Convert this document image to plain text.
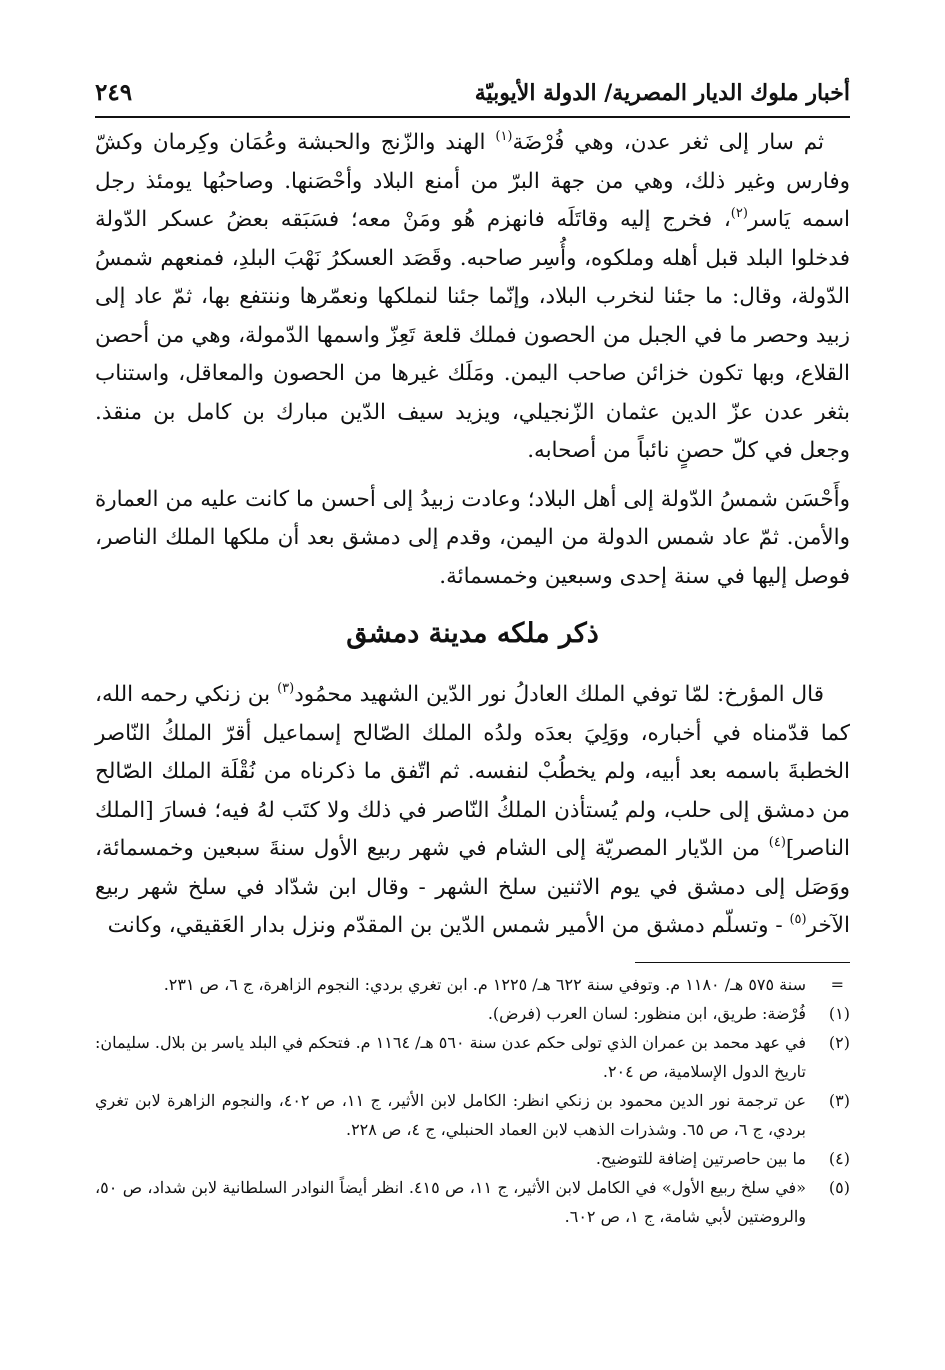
أخبار ملوك الديار المصرية/ الدولة الأيوبيّة
٢٤٩

ثم سار إلى ثغر عدن، وهي فُرْضَة$^{(١)}$ الهند والزّنج والحبشة وعُمَان وكِرمان وكشّ وفارس وغير ذلك، وهي من جهة البرّ من أمنع البلاد وأحْصَنها. وصاحبُها يومئذ رجل اسمه يَاسر$^{(٢)}$، فخرج إليه وقاتَلَه فانهزم هُو ومَنْ معه؛ فسَبَقه بعضُ عسكر الدّولة فدخلوا البلد قبل أهله وملكوه، وأُسِر صاحبه. وقَصَد العسكرُ نَهْبَ البلدِ، فمنعهم شمسُ الدّولة، وقال: ما جئنا لنخرب البلاد، وإنّما جئنا لنملكها ونعمّرها وننتفع بها، ثمّ عاد إلى زبيد وحصر ما في الجبل من الحصون فملك قلعة تَعِزّ واسمها الدّمولة، وهي من أحصن القلاع، وبها تكون خزائن صاحب اليمن. ومَلَك غيرها من الحصون والمعاقل، واستناب بثغر عدن عزّ الدين عثمان الزّنجيلي، ويزيد سيف الدّين مبارك بن كامل بن منقذ. وجعل في كلّ حصنٍ نائباً من أصحابه.

وأَحْسَن شمسُ الدّولة إلى أهل البلاد؛ وعادت زبيدُ إلى أحسن ما كانت عليه من العمارة والأمن. ثمّ عاد شمس الدولة من اليمن، وقدم إلى دمشق بعد أن ملكها الملك الناصر، فوصل إليها في سنة إحدى وسبعين وخمسمائة.

ذكر ملكه مدينة دمشق

قال المؤرخ: لمّا توفي الملك العادلُ نور الدّين الشهيد محمُود$^{(٣)}$ بن زنكي رحمه الله، كما قدّمناه في أخباره، ووَلِيَ بعدَه ولدُه الملك الصّالح إسماعيل أقرّ الملكُ النّاصر الخطبةَ باسمه بعد أبيه، ولم يخطُبْ لنفسه. ثم اتّفق ما ذكرناه من نُقْلَة الملك الصّالح من دمشق إلى حلب، ولم يُستأذن الملكُ النّاصر في ذلك ولا كتَب لهُ فيه؛ فسارَ [الملك الناصر]$^{(٤)}$ من الدّيار المصريّة إلى الشام في شهر ربيع الأول سنةَ سبعين وخمسمائة، ووَصَل إلى دمشق في يوم الاثنين سلخ الشهر - وقال ابن شدّاد في سلخ شهر ربيع الآخر$^{(٥)}$ - وتسلّم دمشق من الأمير شمس الدّين بن المقدّم ونزل بدار العَقيقي، وكانت

=
سنة ٥٧٥ هـ/ ١١٨٠ م. وتوفي سنة ٦٢٢ هـ/ ١٢٢٥ م. ابن تغري بردي: النجوم الزاهرة، ج ٦، ص ٢٣١.

(١)
فُرْضة: طريق، ابن منظور: لسان العرب (فرض).

(٢)
في عهد محمد بن عمران الذي تولى حكم عدن سنة ٥٦٠ هـ/ ١١٦٤ م. فتحكم في البلد ياسر بن بلال. سليمان: تاريخ الدول الإسلامية، ص ٢٠٤.

(٣)
عن ترجمة نور الدين محمود بن زنكي انظر: الكامل لابن الأثير، ج ١١، ص ٤٠٢، والنجوم الزاهرة لابن تغري بردي، ج ٦، ص ٦٥. وشذرات الذهب لابن العماد الحنبلي، ج ٤، ص ٢٢٨.

(٤)
ما بين حاصرتين إضافة للتوضيح.

(٥)
«في سلخ ربيع الأول» في الكامل لابن الأثير، ج ١١، ص ٤١٥. انظر أيضاً النوادر السلطانية لابن شداد، ص ٥٠، والروضتين لأبي شامة، ج ١، ص ٦٠٢.
